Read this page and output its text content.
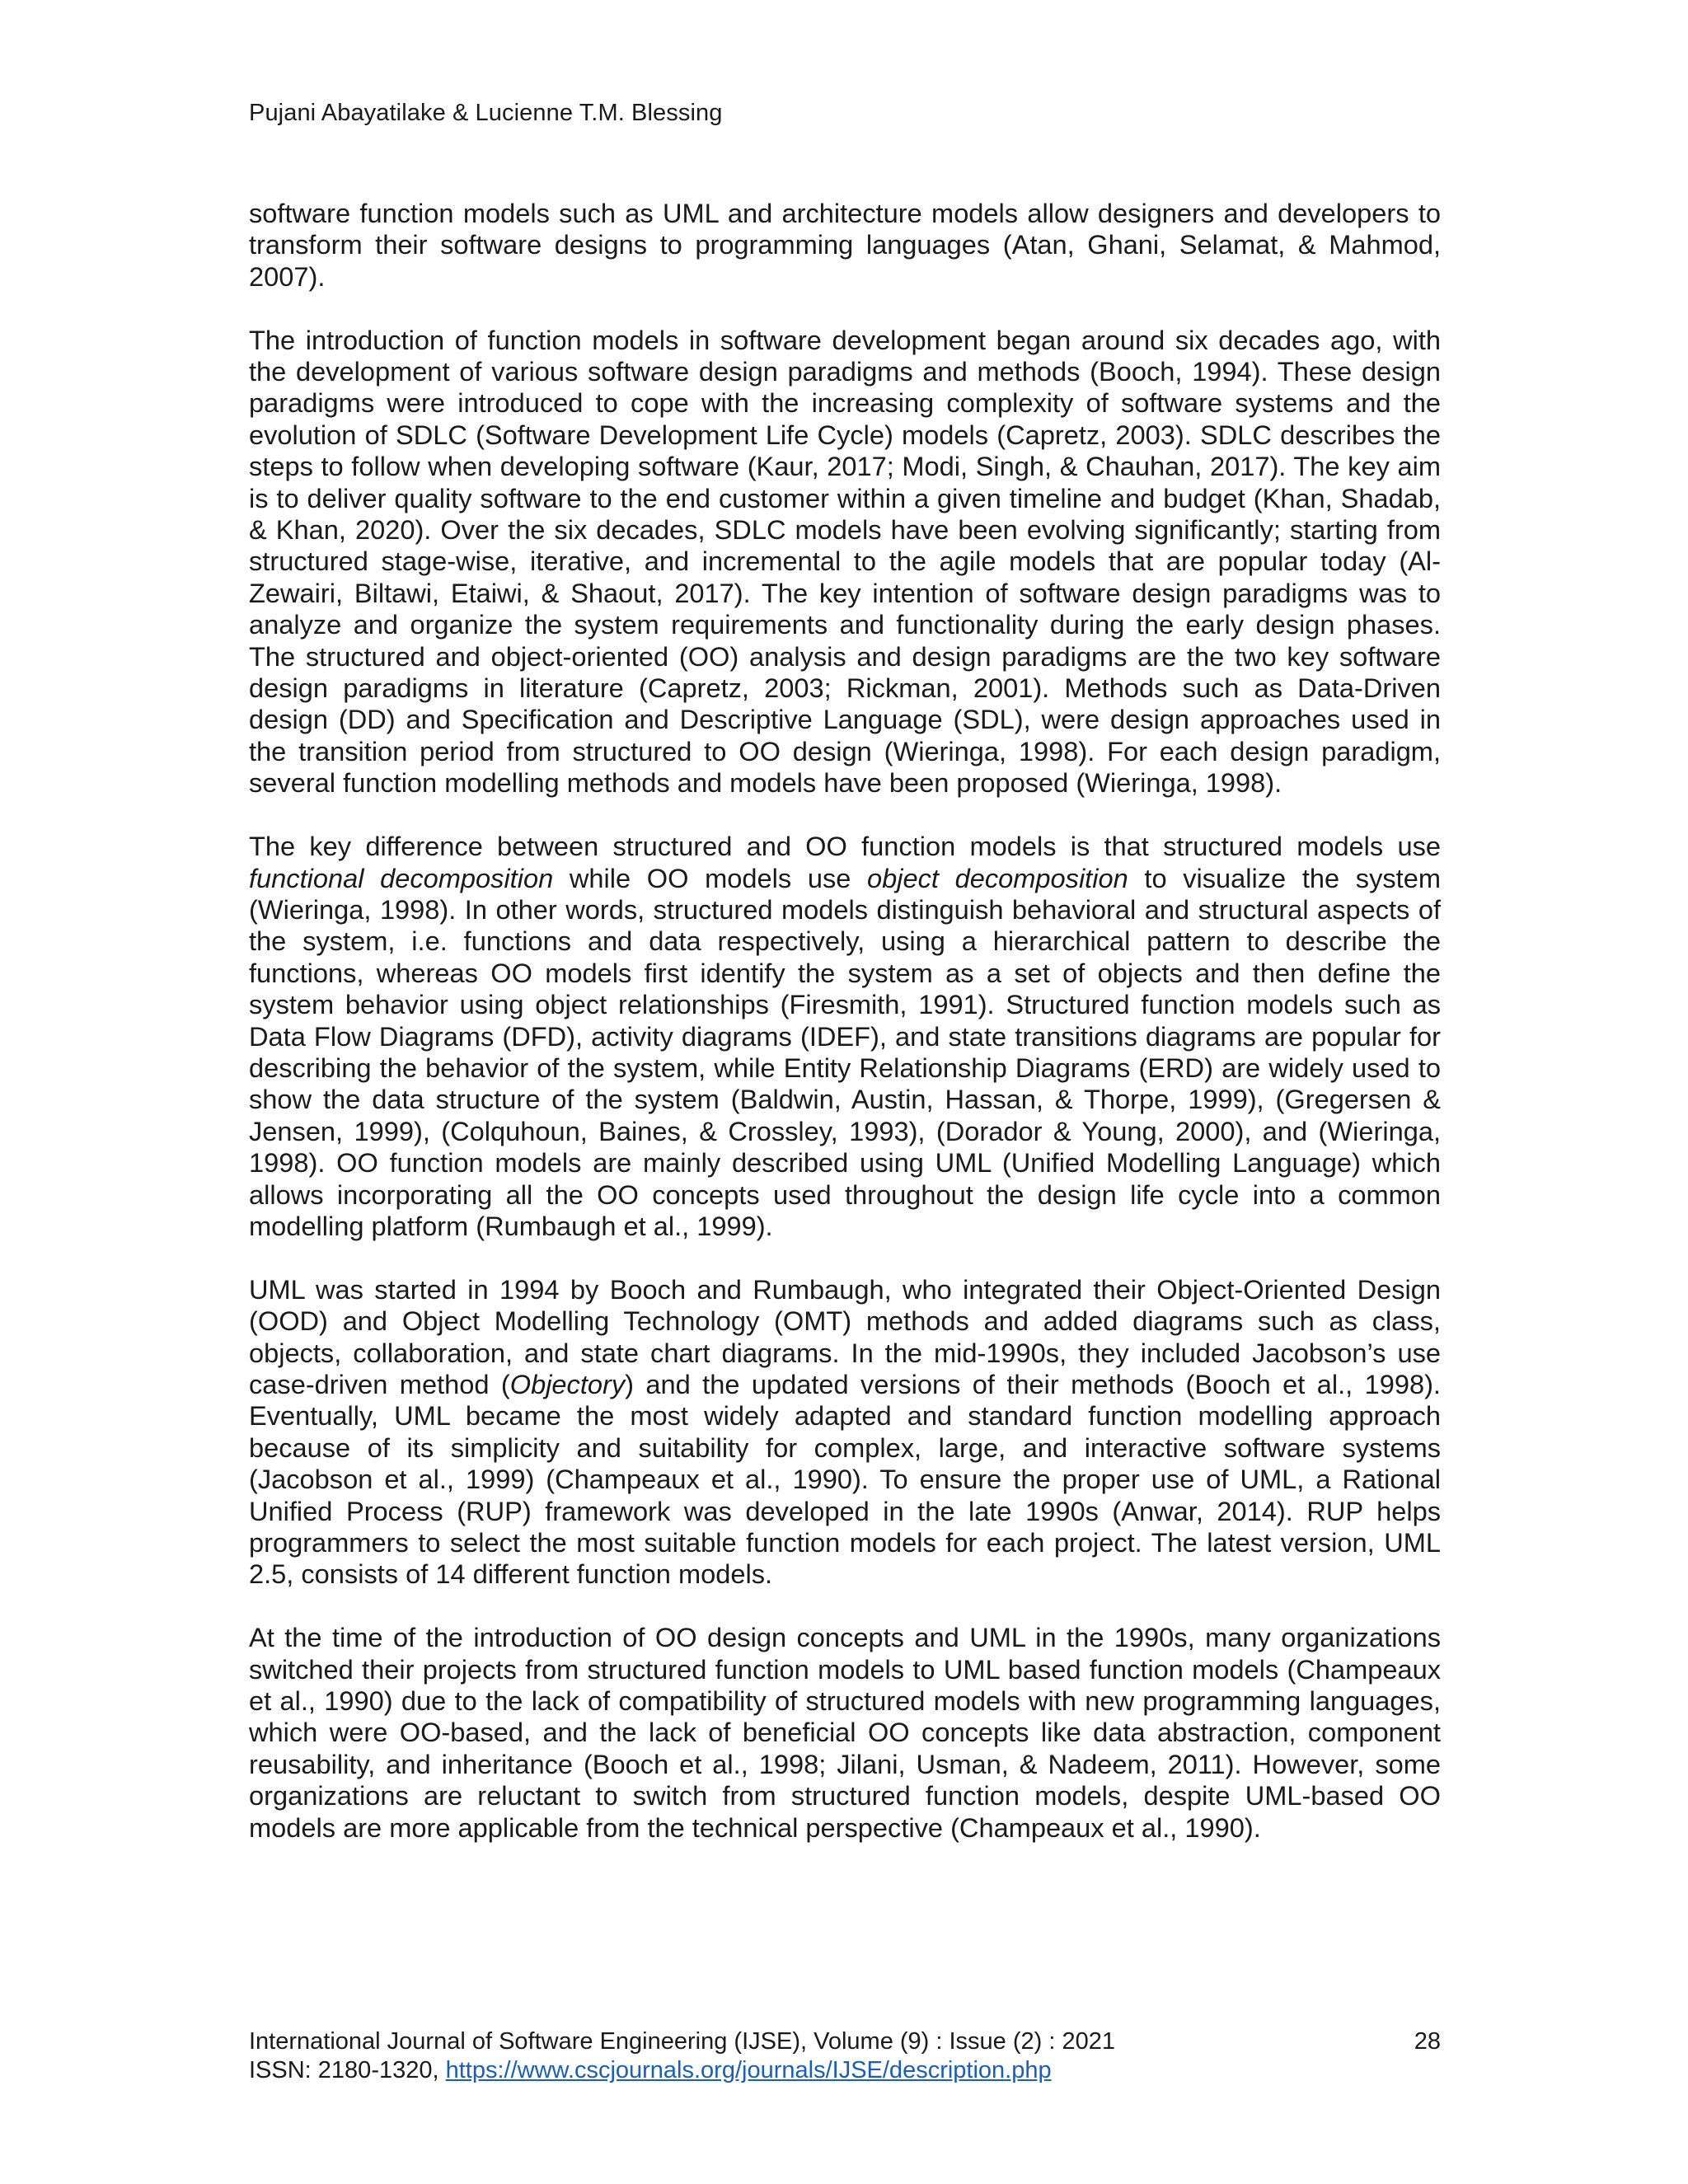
Pujani Abayatilake & Lucienne T.M. Blessing

software function models such as UML and architecture models allow designers and developers to transform their software designs to programming languages (Atan, Ghani, Selamat, & Mahmod, 2007).

The introduction of function models in software development began around six decades ago, with the development of various software design paradigms and methods (Booch, 1994). These design paradigms were introduced to cope with the increasing complexity of software systems and the evolution of SDLC (Software Development Life Cycle) models (Capretz, 2003). SDLC describes the steps to follow when developing software (Kaur, 2017; Modi, Singh, & Chauhan, 2017). The key aim is to deliver quality software to the end customer within a given timeline and budget (Khan, Shadab, & Khan, 2020). Over the six decades, SDLC models have been evolving significantly; starting from structured stage-wise, iterative, and incremental to the agile models that are popular today (Al-Zewairi, Biltawi, Etaiwi, & Shaout, 2017). The key intention of software design paradigms was to analyze and organize the system requirements and functionality during the early design phases. The structured and object-oriented (OO) analysis and design paradigms are the two key software design paradigms in literature (Capretz, 2003; Rickman, 2001). Methods such as Data-Driven design (DD) and Specification and Descriptive Language (SDL), were design approaches used in the transition period from structured to OO design (Wieringa, 1998). For each design paradigm, several function modelling methods and models have been proposed (Wieringa, 1998).

The key difference between structured and OO function models is that structured models use functional decomposition while OO models use object decomposition to visualize the system (Wieringa, 1998). In other words, structured models distinguish behavioral and structural aspects of the system, i.e. functions and data respectively, using a hierarchical pattern to describe the functions, whereas OO models first identify the system as a set of objects and then define the system behavior using object relationships (Firesmith, 1991). Structured function models such as Data Flow Diagrams (DFD), activity diagrams (IDEF), and state transitions diagrams are popular for describing the behavior of the system, while Entity Relationship Diagrams (ERD) are widely used to show the data structure of the system (Baldwin, Austin, Hassan, & Thorpe, 1999), (Gregersen & Jensen, 1999), (Colquhoun, Baines, & Crossley, 1993), (Dorador & Young, 2000), and (Wieringa, 1998). OO function models are mainly described using UML (Unified Modelling Language) which allows incorporating all the OO concepts used throughout the design life cycle into a common modelling platform (Rumbaugh et al., 1999).

UML was started in 1994 by Booch and Rumbaugh, who integrated their Object-Oriented Design (OOD) and Object Modelling Technology (OMT) methods and added diagrams such as class, objects, collaboration, and state chart diagrams. In the mid-1990s, they included Jacobson’s use case-driven method (Objectory) and the updated versions of their methods (Booch et al., 1998). Eventually, UML became the most widely adapted and standard function modelling approach because of its simplicity and suitability for complex, large, and interactive software systems (Jacobson et al., 1999) (Champeaux et al., 1990). To ensure the proper use of UML, a Rational Unified Process (RUP) framework was developed in the late 1990s (Anwar, 2014). RUP helps programmers to select the most suitable function models for each project. The latest version, UML 2.5, consists of 14 different function models.

At the time of the introduction of OO design concepts and UML in the 1990s, many organizations switched their projects from structured function models to UML based function models (Champeaux et al., 1990) due to the lack of compatibility of structured models with new programming languages, which were OO-based, and the lack of beneficial OO concepts like data abstraction, component reusability, and inheritance (Booch et al., 1998; Jilani, Usman, & Nadeem, 2011). However, some organizations are reluctant to switch from structured function models, despite UML-based OO models are more applicable from the technical perspective (Champeaux et al., 1990).

International Journal of Software Engineering (IJSE), Volume (9) : Issue (2) : 2021	28
ISSN: 2180-1320, https://www.cscjournals.org/journals/IJSE/description.php
